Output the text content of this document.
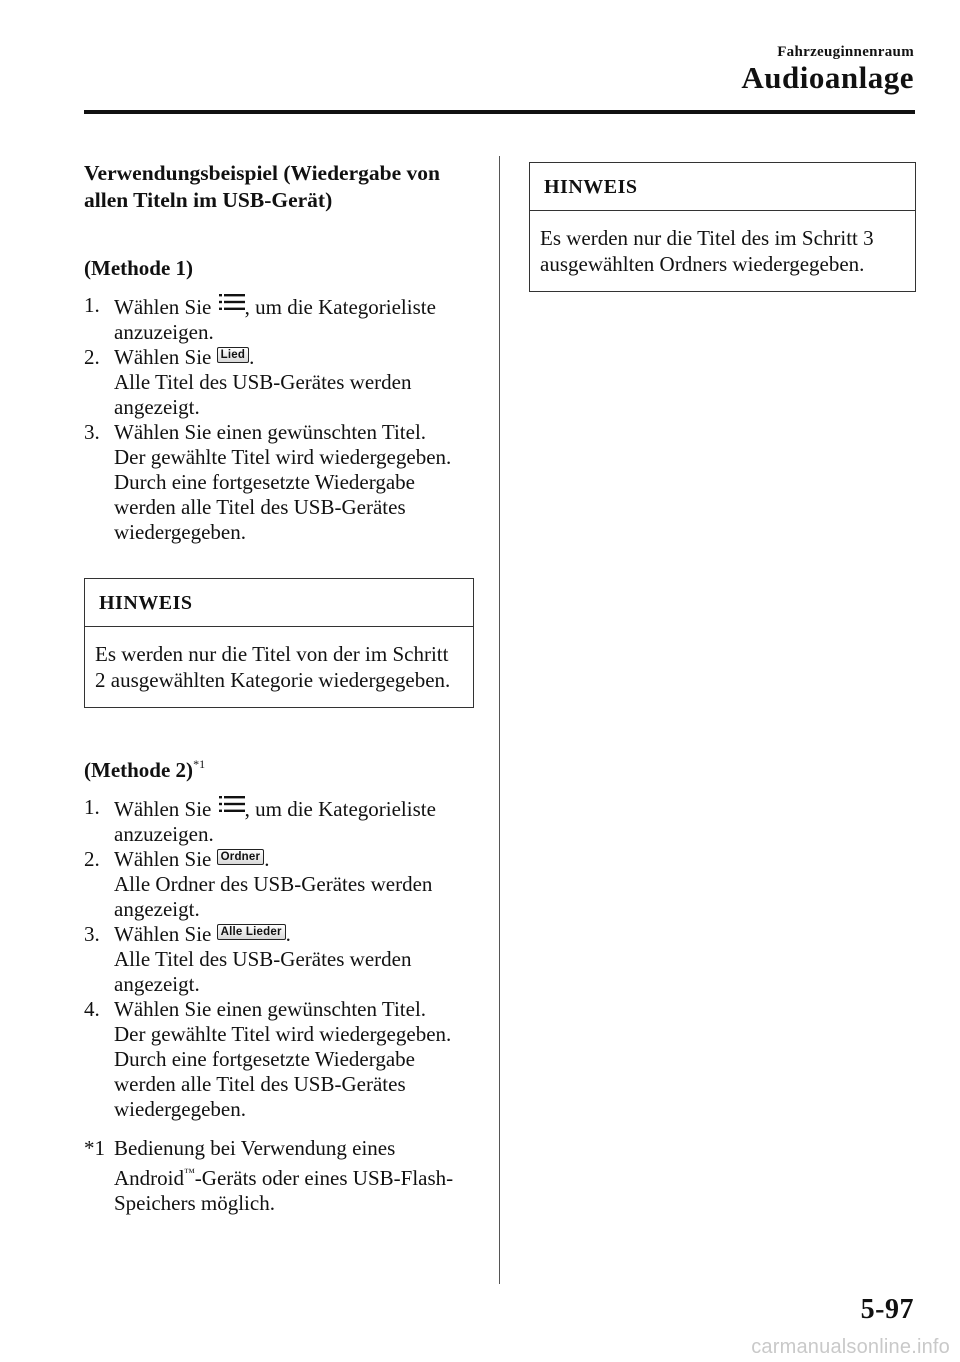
Fahrzeuginnenraum
Audioanlage
Verwendungsbeispiel (Wiedergabe von
allen Titeln im USB-Gerät)

(Methode 1)

1. Wählen Sie , um die Kategorieliste
anzuzeigen.
2. Wählen Sie Lied .
Alle Titel des USB-Gerätes werden angezeigt.
3. Wählen Sie einen gewünschten Titel.
Der gewählte Titel wird wiedergegeben. Durch eine fortgesetzte Wiedergabe werden alle Titel des USB-Gerätes wiedergegeben.
HINWEIS
Es werden nur die Titel von der im Schritt 2 ausgewählten Kategorie wiedergegeben.

(Methode 2)$^{*1}$

1. Wählen Sie , um die Kategorieliste
anzuzeigen.
2. Wählen Sie Ordner .
Alle Ordner des USB-Gerätes werden angezeigt.
3. Wählen Sie Alle Lieder .
Alle Titel des USB-Gerätes werden angezeigt.
4. Wählen Sie einen gewünschten Titel.
Der gewählte Titel wird wiedergegeben. Durch eine fortgesetzte Wiedergabe werden alle Titel des USB-Gerätes wiedergegeben.
*1 Bedienung bei Verwendung eines Android™-Geräts oder eines USB-Flash-Speichers möglich.
HINWEIS
Es werden nur die Titel des im Schritt 3 ausgewählten Ordners wiedergegeben.
5-97
carmanualsonline.info
